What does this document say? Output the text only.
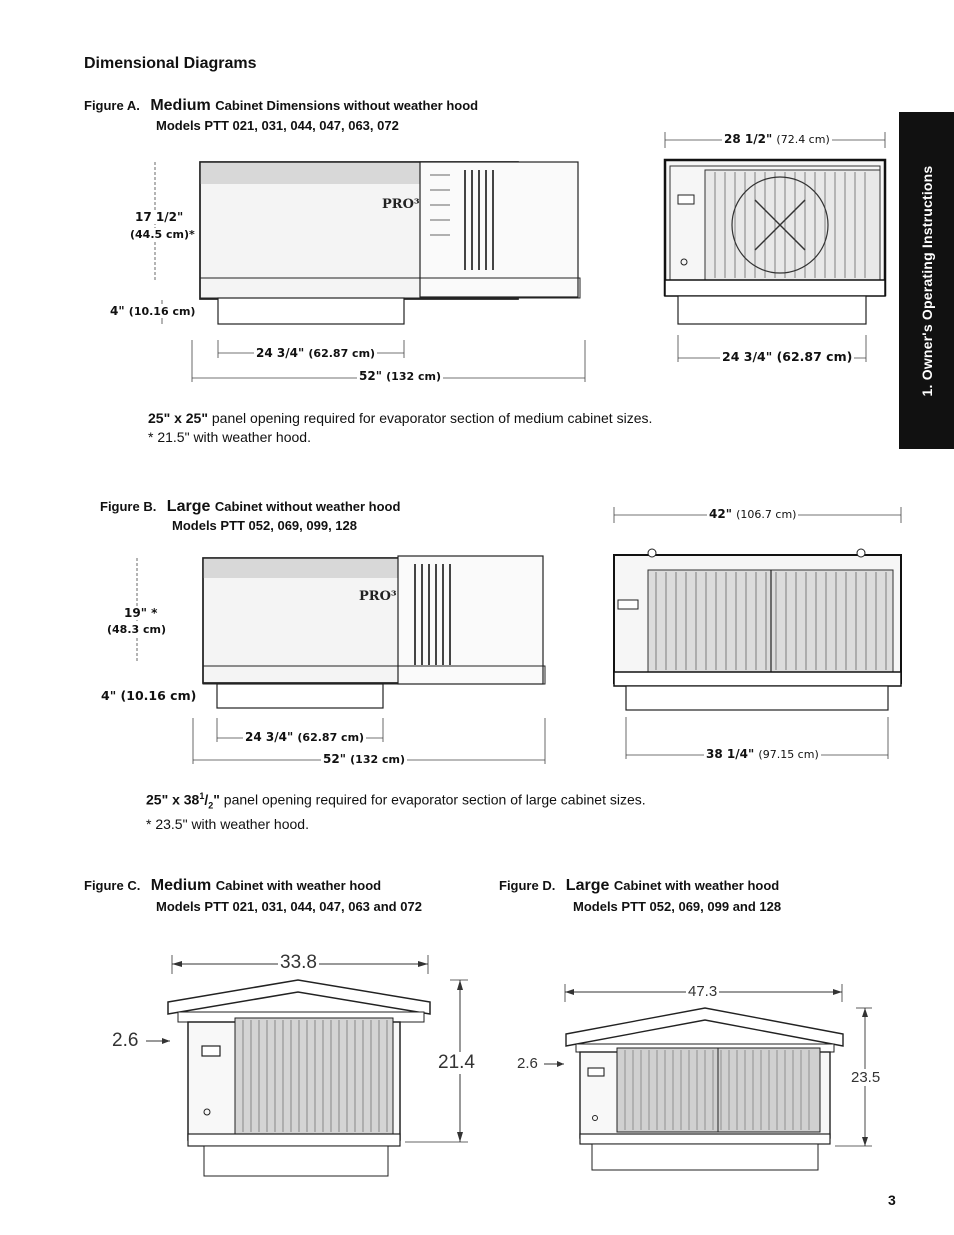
Dimensional Diagrams
1. Owner's Operating Instructions
Figure A. Medium Cabinet Dimensions without weather hood
Models PTT 021, 031, 044, 047, 063, 072
PRO³
17 1/2"
(44.5 cm)*
4" (10.16 cm)
24 3/4" (62.87 cm)
52" (132 cm)
28 1/2" (72.4 cm)
24 3/4" (62.87 cm)
25" x 25" panel opening required for evaporator section of medium cabinet sizes.
* 21.5" with weather hood.
Figure B. Large Cabinet without weather hood
Models PTT 052, 069, 099, 128
PRO³
19" *
(48.3 cm)
4" (10.16 cm)
24 3/4" (62.87 cm)
52" (132 cm)
42" (106.7 cm)
38 1/4" (97.15 cm)
25" x $38^1/_2$" panel opening required for evaporator section of large cabinet sizes.
* 23.5" with weather hood.
Figure C. Medium Cabinet with weather hood
Models PTT 021, 031, 044, 047, 063 and 072
33.8
2.6
21.4
Figure D. Large Cabinet with weather hood
Models PTT 052, 069, 099 and 128
47.3
2.6
23.5
3
